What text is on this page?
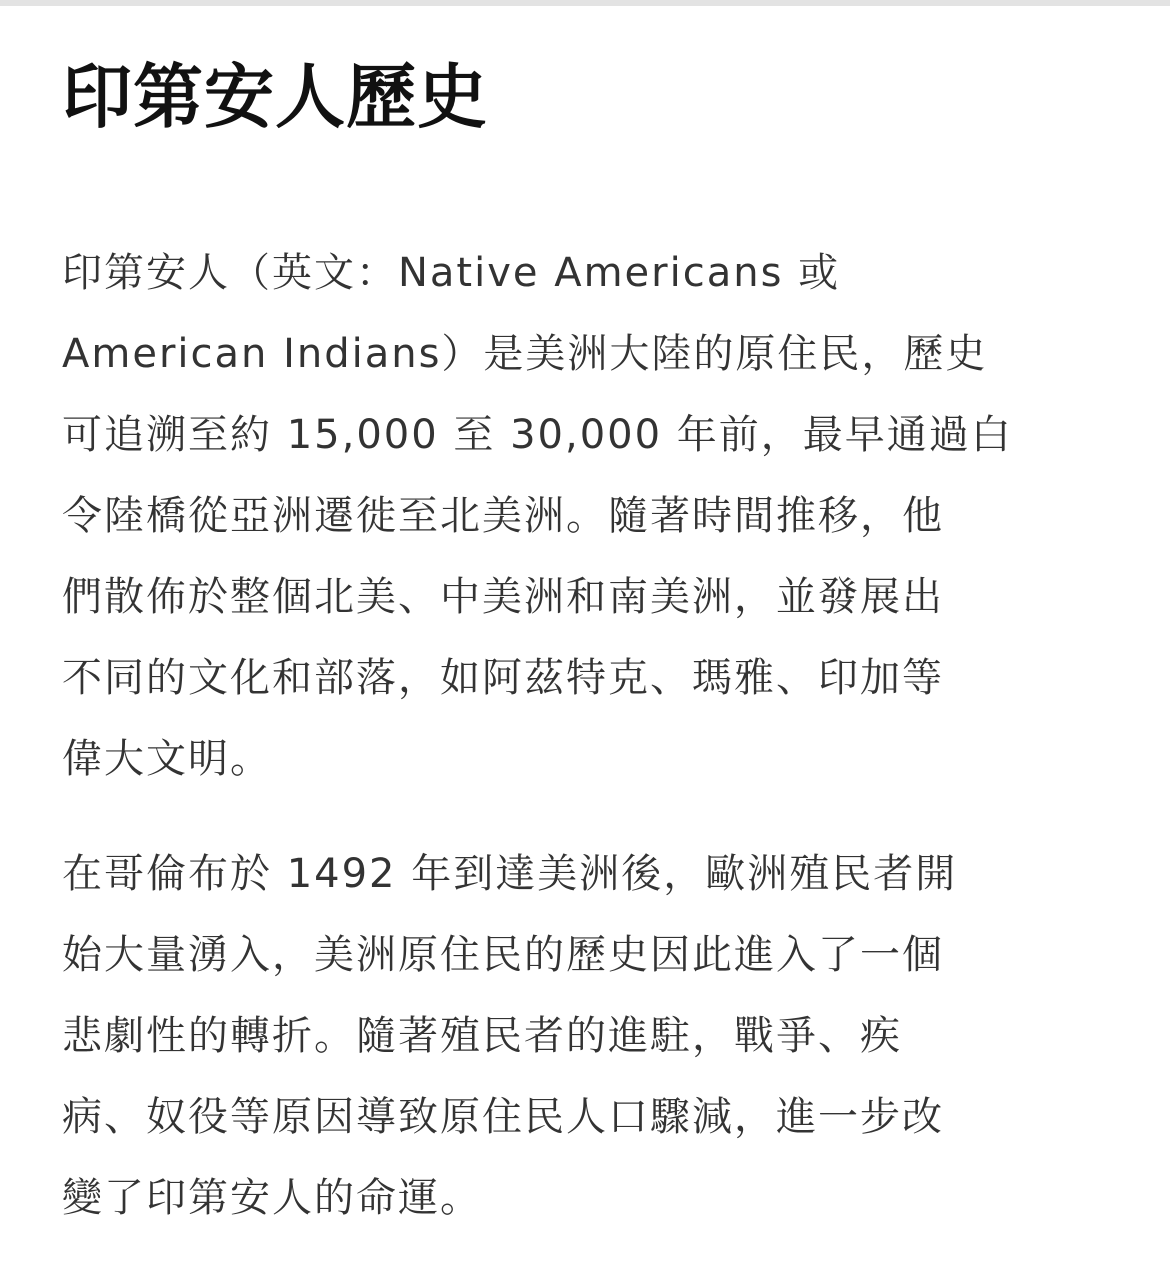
印第安人歷史

印第安人（英文：Native Americans 或
American Indians）是美洲大陸的原住民，歷史
可追溯至約 15,000 至 30,000 年前，最早通過白
令陸橋從亞洲遷徙至北美洲。隨著時間推移，他
們散佈於整個北美、中美洲和南美洲，並發展出
不同的文化和部落，如阿茲特克、瑪雅、印加等
偉大文明。

在哥倫布於 1492 年到達美洲後，歐洲殖民者開
始大量湧入，美洲原住民的歷史因此進入了一個
悲劇性的轉折。隨著殖民者的進駐，戰爭、疾
病、奴役等原因導致原住民人口驟減，進一步改
變了印第安人的命運。
